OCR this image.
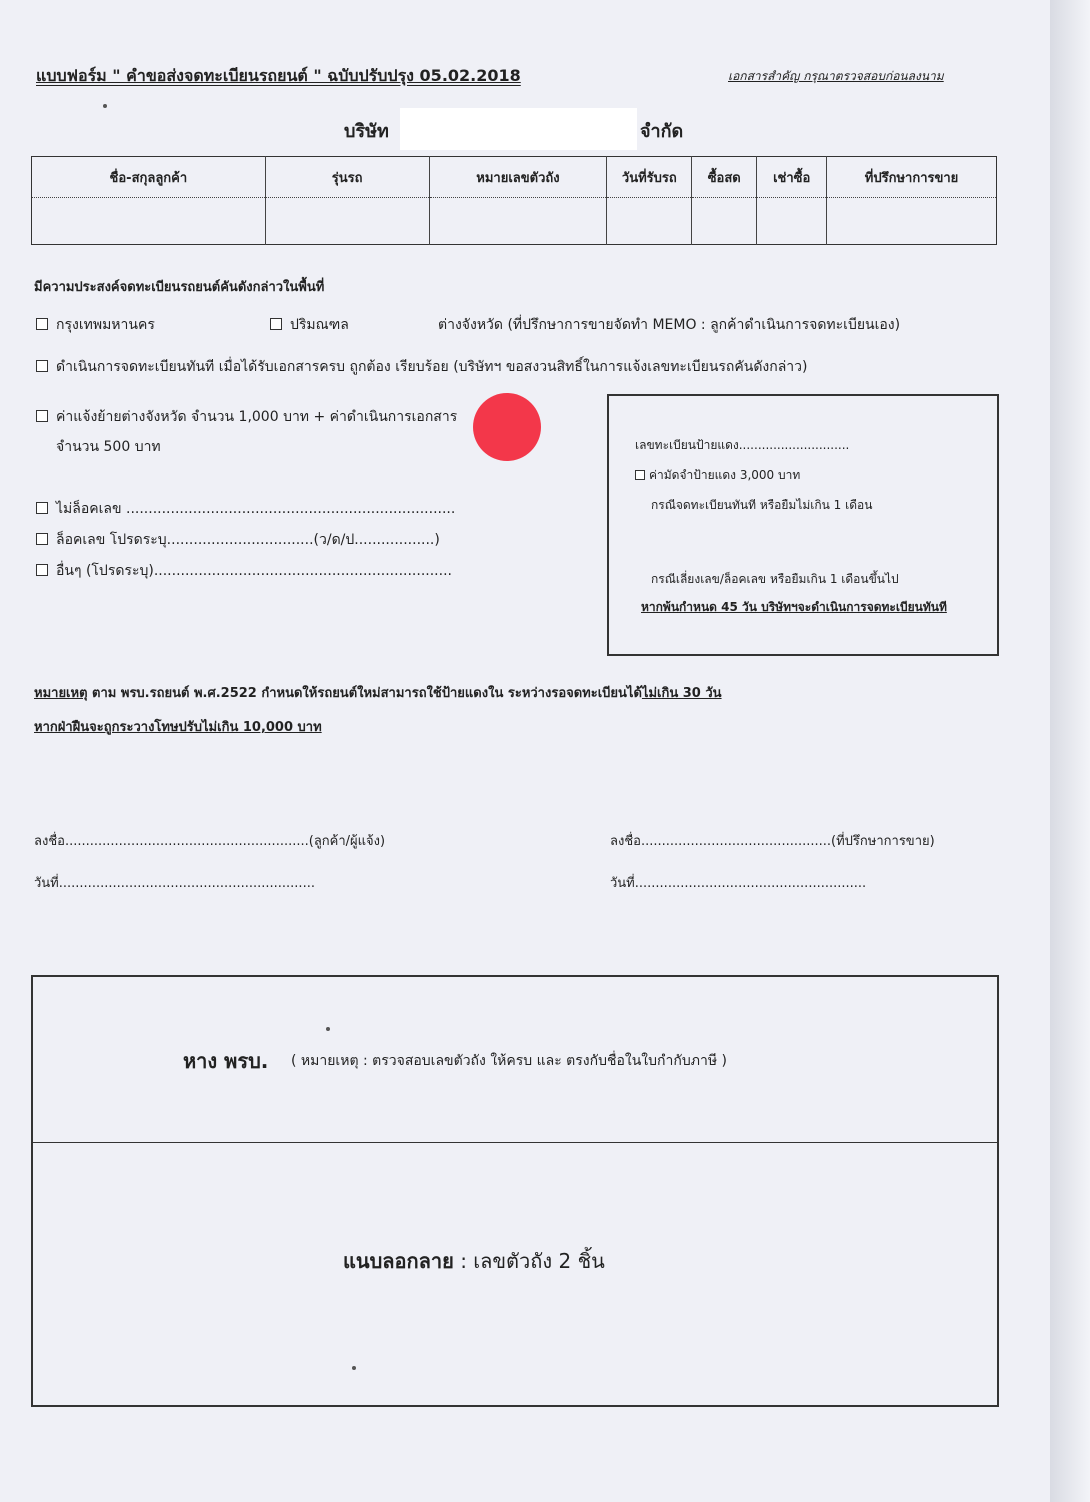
แบบฟอร์ม " คำขอส่งจดทะเบียนรถยนต์ " ฉบับปรับปรุง 05.02.2018	เอกสารสำคัญ กรุณาตรวจสอบก่อนลงนาม
บริษัท	จำกัด
ชื่อ-สกุลลูกค้า	รุ่นรถ	หมายเลขตัวถัง	วันที่รับรถ	ซื้อสด	เช่าซื้อ	ที่ปรึกษาการขาย

มีความประสงค์จดทะเบียนรถยนต์คันดังกล่าวในพื้นที่
กรุงเทพมหานคร	ปริมณฑล	ต่างจังหวัด (ที่ปรึกษาการขายจัดทำ MEMO : ลูกค้าดำเนินการจดทะเบียนเอง)
ดำเนินการจดทะเบียนทันที เมื่อได้รับเอกสารครบ ถูกต้อง เรียบร้อย (บริษัทฯ ขอสงวนสิทธิ์ในการแจ้งเลขทะเบียนรถคันดังกล่าว)
ค่าแจ้งย้ายต่างจังหวัด จำนวน 1,000 บาท + ค่าดำเนินการเอกสาร
จำนวน 500 บาท
ไม่ล็อคเลข ..........................................................................
ล็อคเลข โปรดระบุ.................................(ว/ด/ป..................)
อื่นๆ (โปรดระบุ)...................................................................
เลขทะเบียนป้ายแดง.............................
ค่ามัดจำป้ายแดง 3,000 บาท
กรณีจดทะเบียนทันที หรือยืมไม่เกิน 1 เดือน
กรณีเลี่ยงเลข/ล็อคเลข หรือยืมเกิน 1 เดือนขึ้นไป
หากพ้นกำหนด 45 วัน บริษัทฯจะดำเนินการจดทะเบียนทันที
หมายเหตุ ตาม พรบ.รถยนต์ พ.ศ.2522 กำหนดให้รถยนต์ใหม่สามารถใช้ป้ายแดงใน ระหว่างรอจดทะเบียนได้ไม่เกิน 30 วัน
หากฝ่าฝืนจะถูกระวางโทษปรับไม่เกิน 10,000 บาท
ลงชื่อ...........................................................(ลูกค้า/ผู้แจ้ง)
วันที่..............................................................
ลงชื่อ..............................................(ที่ปรึกษาการขาย)
วันที่........................................................
หาง พรบ. ( หมายเหตุ : ตรวจสอบเลขตัวถัง ให้ครบ และ ตรงกับชื่อในใบกำกับภาษี )
แนบลอกลาย : เลขตัวถัง 2 ชิ้น
